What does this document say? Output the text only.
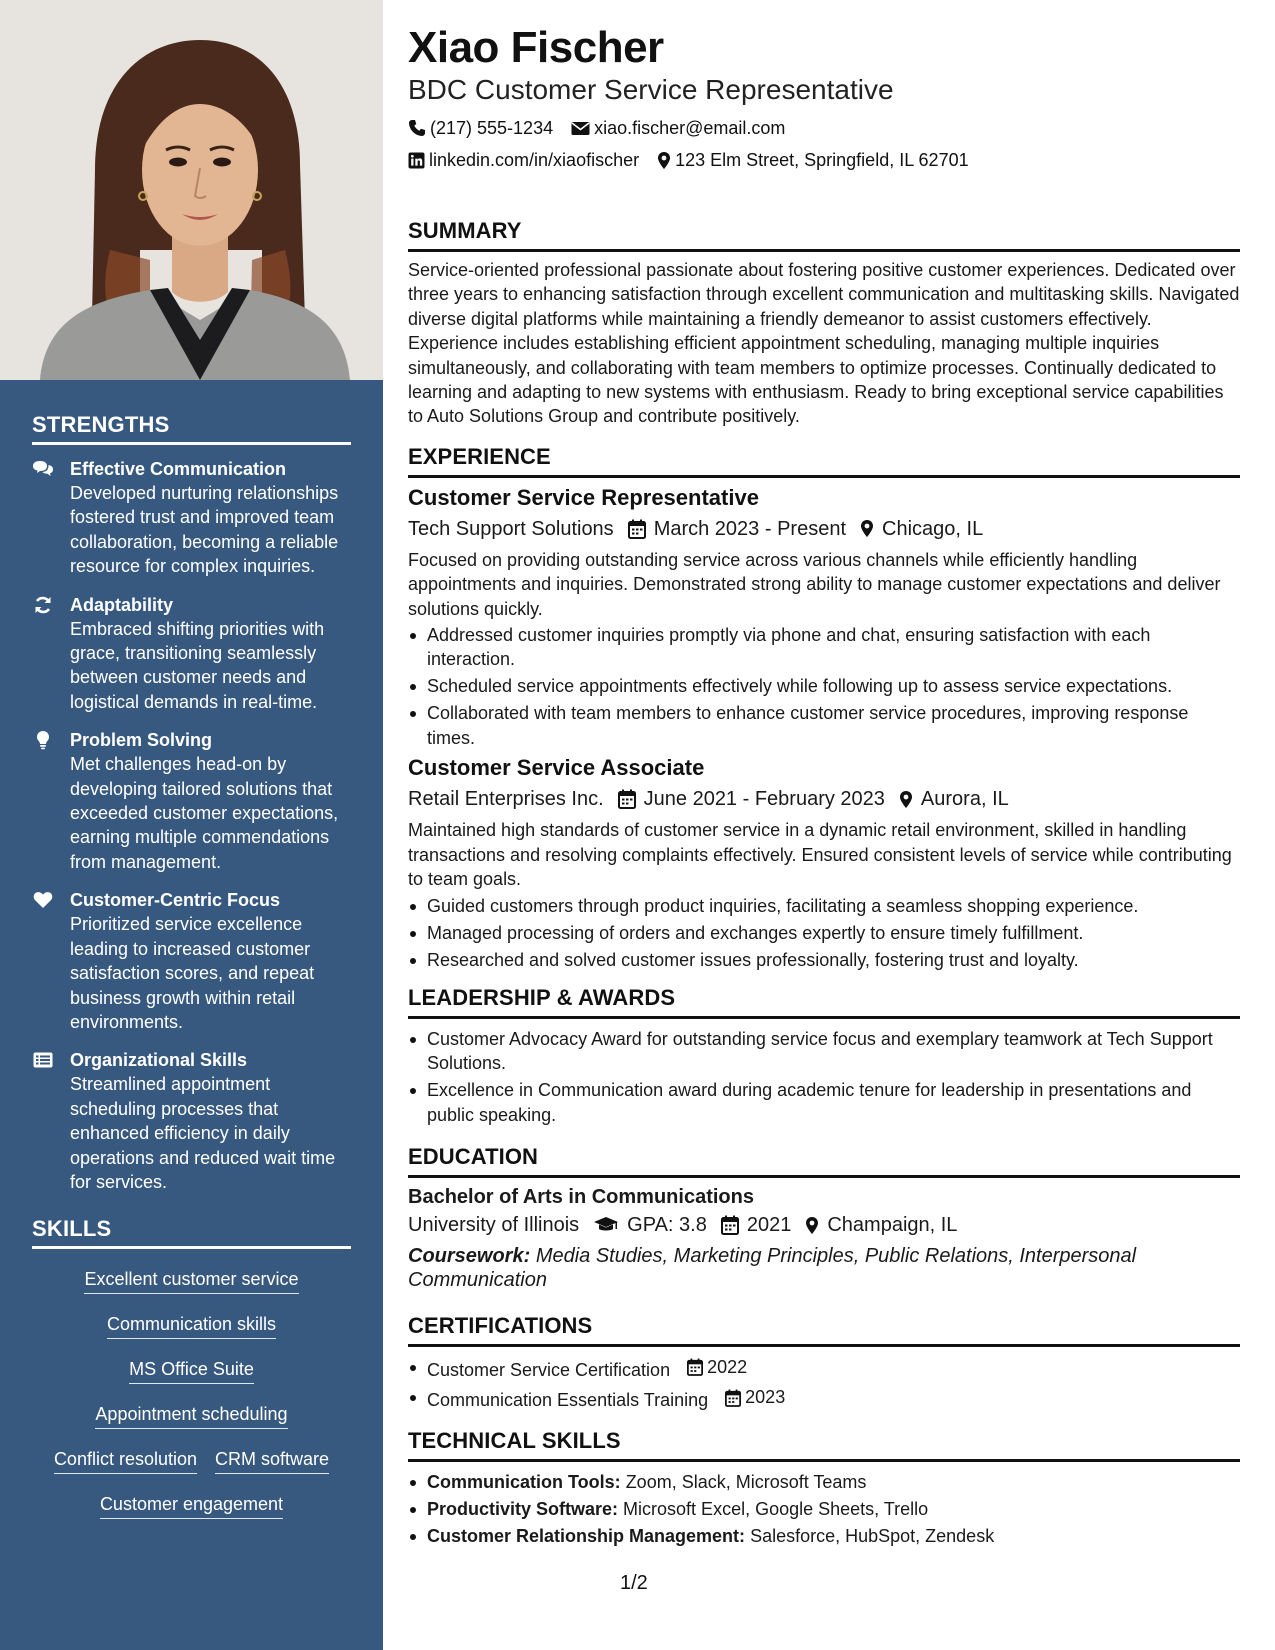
STRENGTHS
Effective Communication
Developed nurturing relationships fostered trust and improved team collaboration, becoming a reliable resource for complex inquiries.
Adaptability
Embraced shifting priorities with grace, transitioning seamlessly between customer needs and logistical demands in real-time.
Problem Solving
Met challenges head-on by developing tailored solutions that exceeded customer expectations, earning multiple commendations from management.
Customer-Centric Focus
Prioritized service excellence leading to increased customer satisfaction scores, and repeat business growth within retail environments.
Organizational Skills
Streamlined appointment scheduling processes that enhanced efficiency in daily operations and reduced wait time for services.
SKILLS
Excellent customer service
Communication skills
MS Office Suite
Appointment scheduling
Conflict resolution CRM software
Customer engagement
Xiao Fischer
BDC Customer Service Representative
(217) 555-1234 xiao.fischer@email.com
linkedin.com/in/xiaofischer 123 Elm Street, Springfield, IL 62701
SUMMARY
Service-oriented professional passionate about fostering positive customer experiences. Dedicated over three years to enhancing satisfaction through excellent communication and multitasking skills. Navigated diverse digital platforms while maintaining a friendly demeanor to assist customers effectively. Experience includes establishing efficient appointment scheduling, managing multiple inquiries simultaneously, and collaborating with team members to optimize processes. Continually dedicated to learning and adapting to new systems with enthusiasm. Ready to bring exceptional service capabilities to Auto Solutions Group and contribute positively.
EXPERIENCE
Customer Service Representative
Tech Support Solutions March 2023 - Present Chicago, IL
Focused on providing outstanding service across various channels while efficiently handling appointments and inquiries. Demonstrated strong ability to manage customer expectations and deliver solutions quickly.
Addressed customer inquiries promptly via phone and chat, ensuring satisfaction with each interaction.
Scheduled service appointments effectively while following up to assess service expectations.
Collaborated with team members to enhance customer service procedures, improving response times.
Customer Service Associate
Retail Enterprises Inc. June 2021 - February 2023 Aurora, IL
Maintained high standards of customer service in a dynamic retail environment, skilled in handling transactions and resolving complaints effectively. Ensured consistent levels of service while contributing to team goals.
Guided customers through product inquiries, facilitating a seamless shopping experience.
Managed processing of orders and exchanges expertly to ensure timely fulfillment.
Researched and solved customer issues professionally, fostering trust and loyalty.
LEADERSHIP & AWARDS
Customer Advocacy Award for outstanding service focus and exemplary teamwork at Tech Support Solutions.
Excellence in Communication award during academic tenure for leadership in presentations and public speaking.
EDUCATION
Bachelor of Arts in Communications
University of Illinois GPA: 3.8 2021 Champaign, IL
Coursework: Media Studies, Marketing Principles, Public Relations, Interpersonal Communication
CERTIFICATIONS
Customer Service Certification 2022
Communication Essentials Training 2023
TECHNICAL SKILLS
Communication Tools: Zoom, Slack, Microsoft Teams
Productivity Software: Microsoft Excel, Google Sheets, Trello
Customer Relationship Management: Salesforce, HubSpot, Zendesk
1/2
